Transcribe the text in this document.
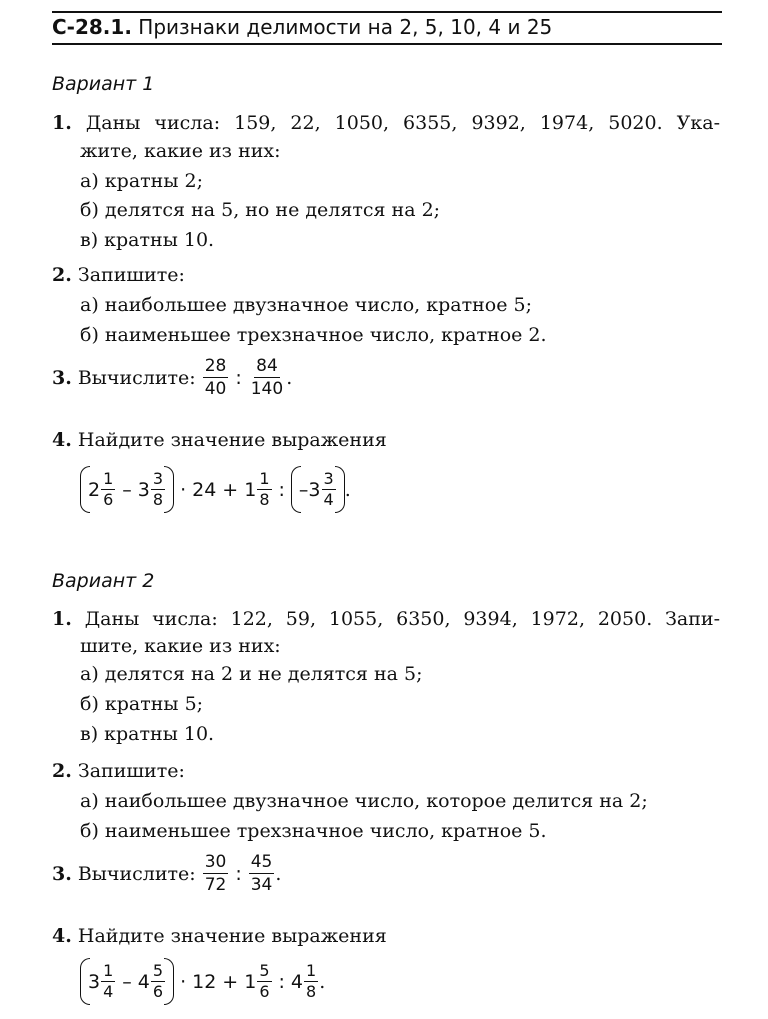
С-28.1. Признаки делимости на 2, 5, 10, 4 и 25
Вариант 1
1. Даны числа: 159, 22, 1050, 6355, 9392, 1974, 5020. Ука-
жите, какие из них:
а) кратны 2;
б) делятся на 5, но не делятся на 2;
в) кратны 10.
2. Запишите:
а) наибольшее двузначное число, кратное 5;
б) наименьшее трехзначное число, кратное 2.
3. Вычислите: $\frac{28}{40}$ : $\frac{84}{140}$ .
4. Найдите значение выражения
$2 \frac{1}{6} - 3 \frac{3}{8} \cdot 24 + 1 \frac{1}{8}$ : $-3 \frac{3}{4}$ .
Вариант 2
1. Даны числа: 122, 59, 1055, 6350, 9394, 1972, 2050. Запи-
шите, какие из них:
а) делятся на 2 и не делятся на 5;
б) кратны 5;
в) кратны 10.
2. Запишите:
а) наибольшее двузначное число, которое делится на 2;
б) наименьшее трехзначное число, кратное 5.
3. Вычислите: $\frac{30}{72}$ : $\frac{45}{34}$ .
4. Найдите значение выражения
$3 \frac{1}{4} - 4 \frac{5}{6} \cdot 12 + 1 \frac{5}{6}$ : $4 \frac{1}{8}$ .
